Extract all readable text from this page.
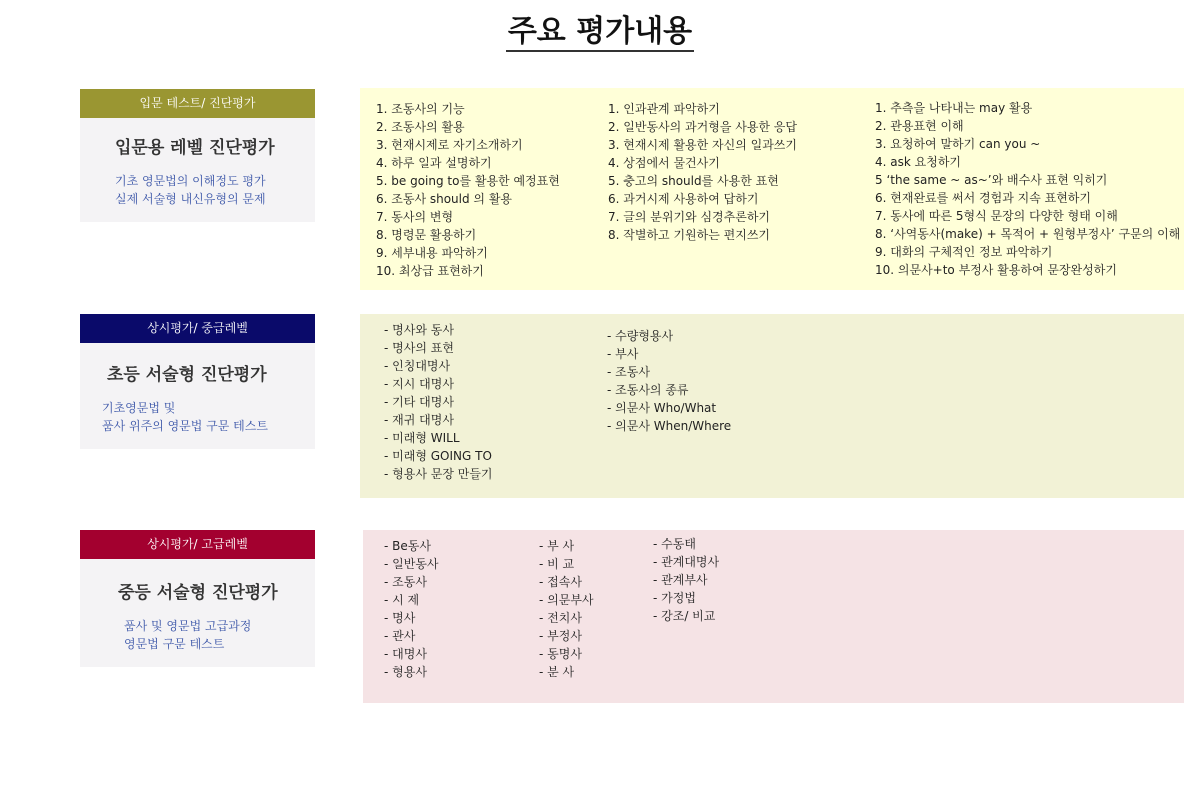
주요 평가내용
입문 테스트/ 진단평가
입문용 레벨 진단평가
기초 영문법의 이해정도 평가
실제 서술형 내신유형의 문제
1. 조동사의 기능
2. 조동사의 활용
3. 현재시제로 자기소개하기
4. 하루 일과 설명하기
5. be going to를 활용한 예정표현
6. 조동사 should 의 활용
7. 동사의 변형
8. 명령문 활용하기
9. 세부내용 파악하기
10. 최상급 표현하기
1. 인과관계 파악하기
2. 일반동사의 과거형을 사용한 응답
3. 현재시제 활용한 자신의 일과쓰기
4. 상점에서 물건사기
5. 충고의 should를 사용한 표현
6. 과거시제 사용하여 답하기
7. 글의 분위기와 심경추론하기
8. 작별하고 기원하는 편지쓰기
1. 추측을 나타내는 may 활용
2. 관용표현 이해
3. 요청하여 말하기 can you ~
4. ask 요청하기
5 ‘the same ~ as~’와 배수사 표현 익히기
6. 현재완료를 써서 경험과 지속 표현하기
7. 동사에 따른 5형식 문장의 다양한 형태 이해
8. ‘사역동사(make) + 목적어 + 원형부정사’ 구문의 이해
9. 대화의 구체적인 정보 파악하기
10. 의문사+to 부정사 활용하여 문장완성하기
상시평가/ 중급레벨
초등 서술형 진단평가
기초영문법 및
품사 위주의 영문법 구문 테스트
- 명사와 동사
- 명사의 표현
- 인칭대명사
- 지시 대명사
- 기타 대명사
- 재귀 대명사
- 미래형 WILL
- 미래형 GOING TO
- 형용사 문장 만들기
- 수량형용사
- 부사
- 조동사
- 조동사의 종류
- 의문사 Who/What
- 의문사 When/Where
상시평가/ 고급레벨
중등 서술형 진단평가
품사 및 영문법 고급과정
영문법 구문 테스트
- Be동사
- 일반동사
- 조동사
- 시 제
- 명사
- 관사
- 대명사
- 형용사
- 부 사
- 비 교
- 접속사
- 의문부사
- 전치사
- 부정사
- 동명사
- 분 사
- 수동태
- 관계대명사
- 관계부사
- 가정법
- 강조/ 비교
